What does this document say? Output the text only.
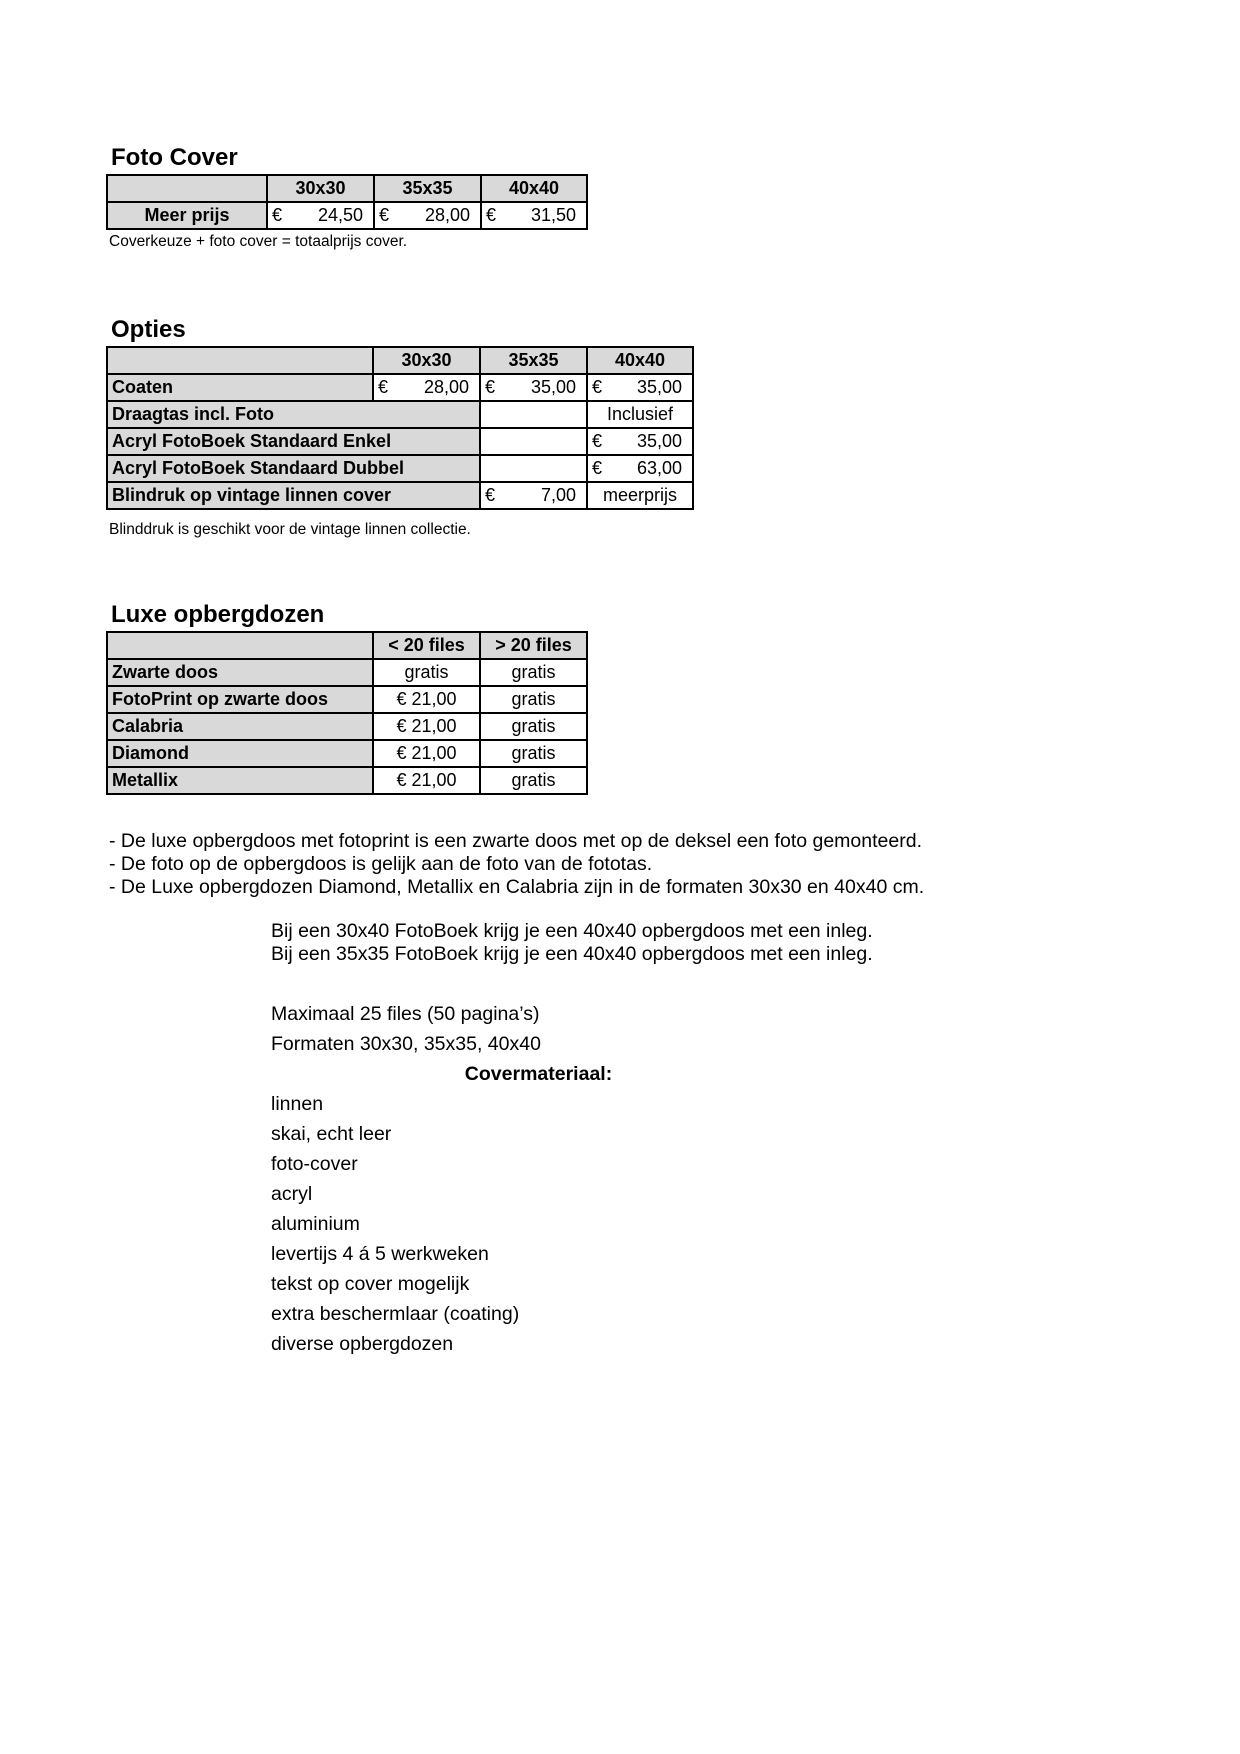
Foto Cover
	30x30	35x35	40x40
Meer prijs	€ 24,50	€ 28,00	€ 31,50
Coverkeuze + foto cover = totaalprijs cover.
Opties
	30x30	35x35	40x40
Coaten	€ 28,00	€ 35,00	€ 35,00

Draagtas incl. Foto			Inclusief
Acryl FotoBoek Standaard Enkel			€ 35,00

Acryl FotoBoek Standaard Dubbel			€ 63,00

Blindruk op vintage linnen cover		€ 7,00	meerprijs
Blinddruk is geschikt voor de vintage linnen collectie.
Luxe opbergdozen
	< 20 files	> 20 files
Zwarte doos	gratis	gratis
FotoPrint op zwarte doos	€ 21,00	gratis
Calabria	€ 21,00	gratis
Diamond	€ 21,00	gratis
Metallix	€ 21,00	gratis
- De luxe opbergdoos met fotoprint is een zwarte doos met op de deksel een foto gemonteerd.
- De foto op de opbergdoos is gelijk aan de foto van de fototas.
- De Luxe opbergdozen Diamond, Metallix en Calabria zijn in de formaten 30x30 en 40x40 cm.
Bij een 30x40 FotoBoek krijg je een 40x40 opbergdoos met een inleg.
Bij een 35x35 FotoBoek krijg je een 40x40 opbergdoos met een inleg.
Maximaal 25 files (50 pagina’s)
Formaten 30x30, 35x35, 40x40
Covermateriaal:
linnen
skai, echt leer
foto-cover
acryl
aluminium
levertijs 4 á 5 werkweken
tekst op cover mogelijk
extra beschermlaar (coating)
diverse opbergdozen
